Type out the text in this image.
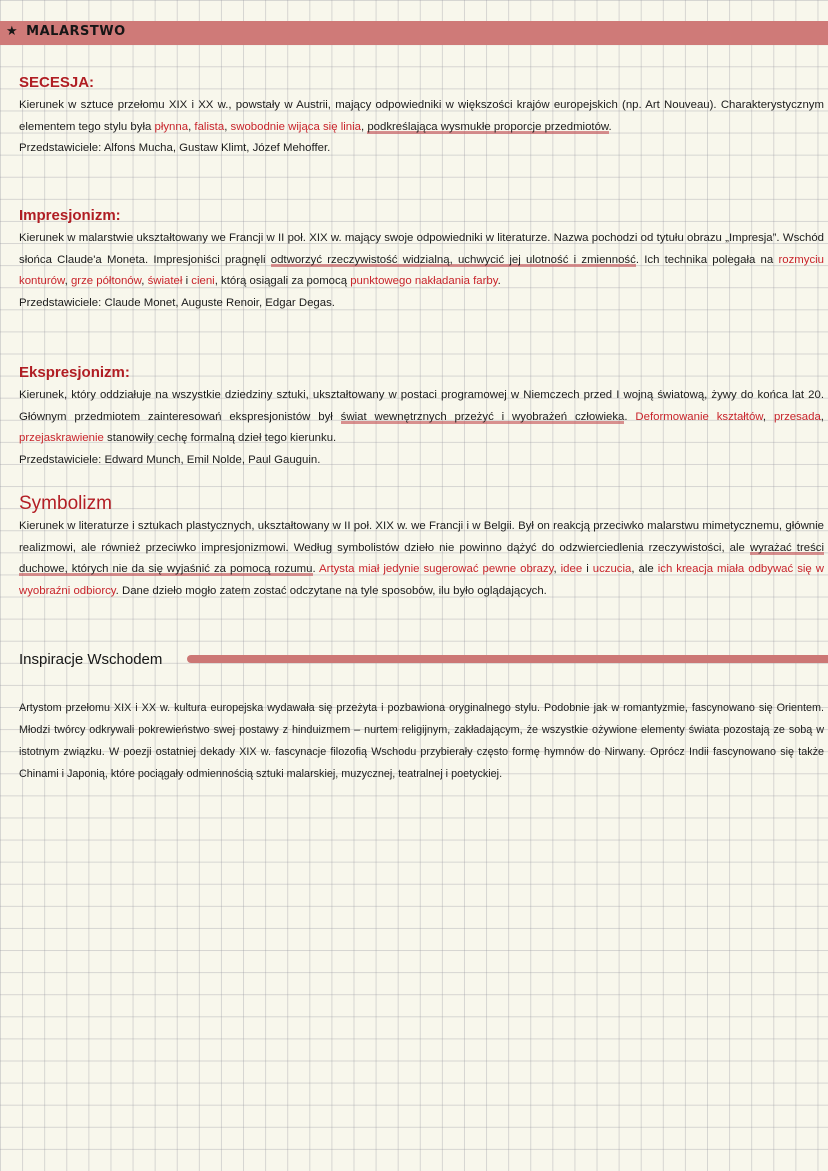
★ MALARSTWO
SECESJA:

Kierunek w sztuce przełomu XIX i XX w., powstały w Austrii, mający odpowiedniki w większości krajów europejskich (np. Art Nouveau). Charakterystycznym elementem tego stylu była płynna, falista, swobodnie wijąca się linia, podkreślająca wysmukłe proporcje przedmiotów.

Przedstawiciele: Alfons Mucha, Gustaw Klimt, Józef Mehoffer.

Impresjonizm:

Kierunek w malarstwie ukształtowany we Francji w II poł. XIX w. mający swoje odpowiedniki w literaturze. Nazwa pochodzi od tytułu obrazu „Impresja”. Wschód słońca Claude'a Moneta. Impresjoniści pragnęli odtworzyć rzeczywistość widzialną, uchwycić jej ulotność i zmienność. Ich technika polegała na rozmyciu konturów, grze półtonów, świateł i cieni, którą osiągali za pomocą punktowego nakładania farby.

Przedstawiciele: Claude Monet, Auguste Renoir, Edgar Degas.

Ekspresjonizm:

Kierunek, który oddziałuje na wszystkie dziedziny sztuki, ukształtowany w postaci programowej w Niemczech przed I wojną światową, żywy do końca lat 20. Głównym przedmiotem zainteresowań ekspresjonistów był świat wewnętrznych przeżyć i wyobrażeń człowieka. Deformowanie kształtów, przesada, przejaskrawienie stanowiły cechę formalną dzieł tego kierunku.

Przedstawiciele: Edward Munch, Emil Nolde, Paul Gauguin.

Symbolizm

Kierunek w literaturze i sztukach plastycznych, ukształtowany w II poł. XIX w. we Francji i w Belgii. Był on reakcją przeciwko malarstwu mimetycznemu, głównie realizmowi, ale również przeciwko impresjonizmowi. Według symbolistów dzieło nie powinno dążyć do odzwierciedlenia rzeczywistości, ale wyrażać treści duchowe, których nie da się wyjaśnić za pomocą rozumu. Artysta miał jedynie sugerować pewne obrazy, idee i uczucia, ale ich kreacja miała odbywać się w wyobraźni odbiorcy. Dane dzieło mogło zatem zostać odczytane na tyle sposobów, ilu było oglądających.

Inspiracje Wschodem

Artystom przełomu XIX i XX w. kultura europejska wydawała się przeżyta i pozbawiona oryginalnego stylu. Podobnie jak w romantyzmie, fascynowano się Orientem. Młodzi twórcy odkrywali pokrewieństwo swej postawy z hinduizmem – nurtem religijnym, zakładającym, że wszystkie ożywione elementy świata pozostają ze sobą w istotnym związku. W poezji ostatniej dekady XIX w. fascynacje filozofią Wschodu przybierały często formę hymnów do Nirwany. Oprócz Indii fascynowano się także Chinami i Japonią, które pociągały odmiennością sztuki malarskiej, muzycznej, teatralnej i poetyckiej.
